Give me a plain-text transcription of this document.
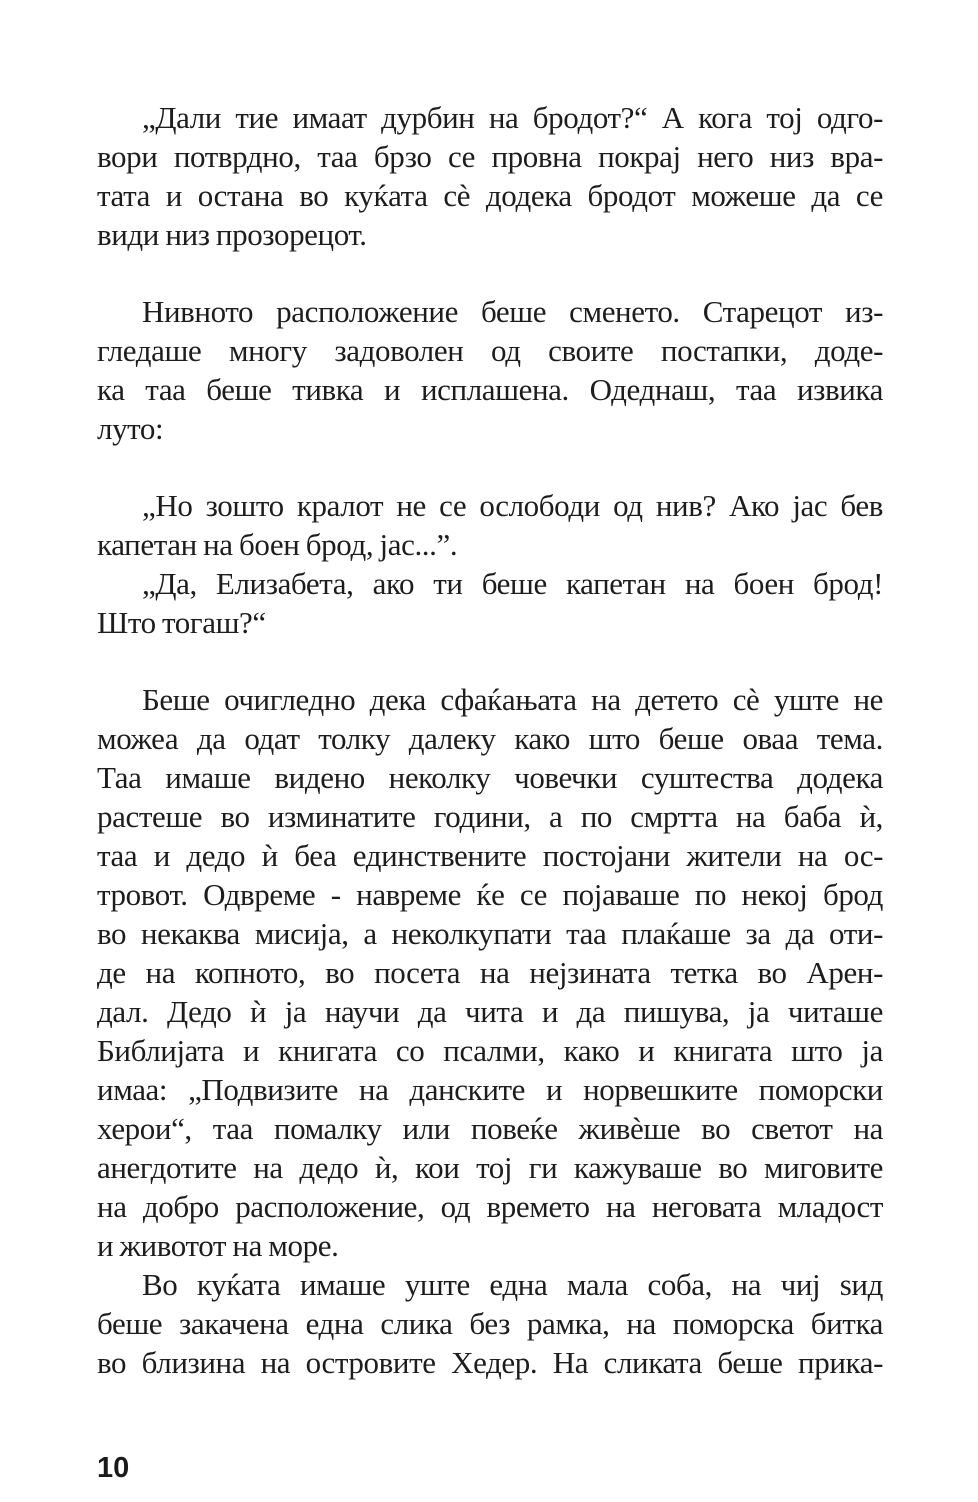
„Дали тие имаат дурбин на бродот?“ А кога тој одго-
вори потврдно, таа брзо се провна покрај него низ вра-
тата и остана во куќата сѐ додека бродот можеше да се
види низ прозорецот.
Нивното расположение беше сменето. Старецот из-
гледаше многу задоволен од своите постапки, доде-
ка таа беше тивка и исплашена. Одеднаш, таа извика
луто:
„Но зошто кралот не се ослободи од нив? Ако јас бев
капетан на боен брод, јас...”.
„Да, Елизабета, ако ти беше капетан на боен брод!
Што тогаш?“
Беше очигледно дека сфаќањата на детето сѐ уште не
можеа да одат толку далеку како што беше оваа тема.
Таа имаше видено неколку човечки суштества додека
растеше во изминатите години, а по смртта на баба ѝ,
таа и дедо ѝ беа единствените постојани жители на ос-
тровот. Одвреме - навреме ќе се појаваше по некој брод
во некаква мисија, а неколкупати таа плаќаше за да оти-
де на копното, во посета на нејзината тетка во Арен-
дал. Дедо ѝ ја научи да чита и да пишува, ја читаше
Библијата и книгата со псалми, како и книгата што ја
имаа: „Подвизите на данските и норвешките поморски
херои“, таа помалку или повеќе живѐше во светот на
анегдотите на дедо ѝ, кои тој ги кажуваше во миговите
на добро расположение, од времето на неговата младост
и животот на море.
Во куќата имаше уште една мала соба, на чиј ѕид
беше закачена една слика без рамка, на поморска битка
во близина на островите Хедер. На сликата беше прика-
10
